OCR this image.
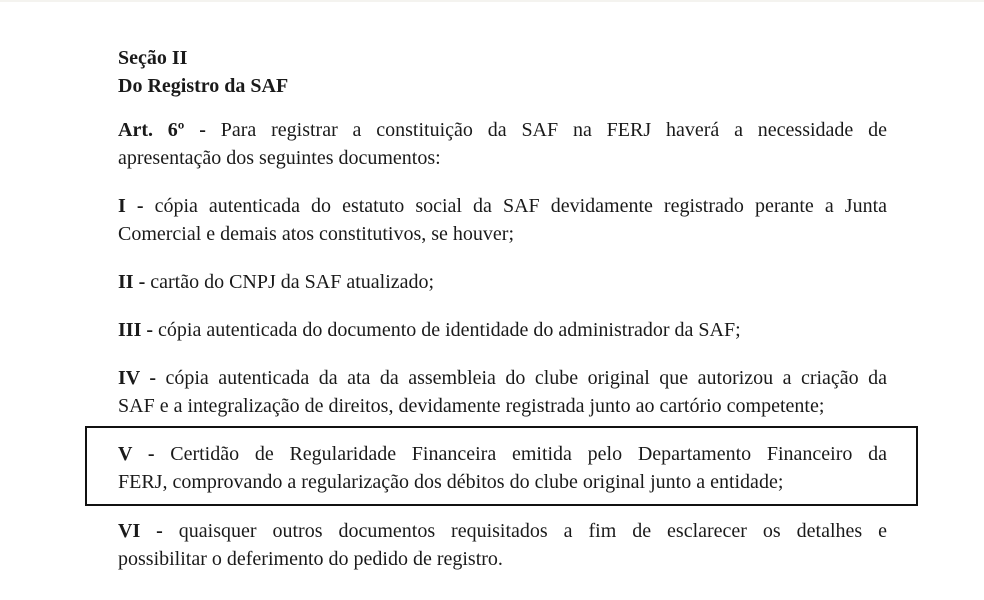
Seção II
Do Registro da SAF
Art. 6º - Para registrar a constituição da SAF na FERJ haverá a necessidade de
apresentação dos seguintes documentos:
I - cópia autenticada do estatuto social da SAF devidamente registrado perante a Junta
Comercial e demais atos constitutivos, se houver;
II - cartão do CNPJ da SAF atualizado;
III - cópia autenticada do documento de identidade do administrador da SAF;
IV - cópia autenticada da ata da assembleia do clube original que autorizou a criação da
SAF e a integralização de direitos, devidamente registrada junto ao cartório competente;
V - Certidão de Regularidade Financeira emitida pelo Departamento Financeiro da
FERJ, comprovando a regularização dos débitos do clube original junto a entidade;
VI - quaisquer outros documentos requisitados a fim de esclarecer os detalhes e
possibilitar o deferimento do pedido de registro.
